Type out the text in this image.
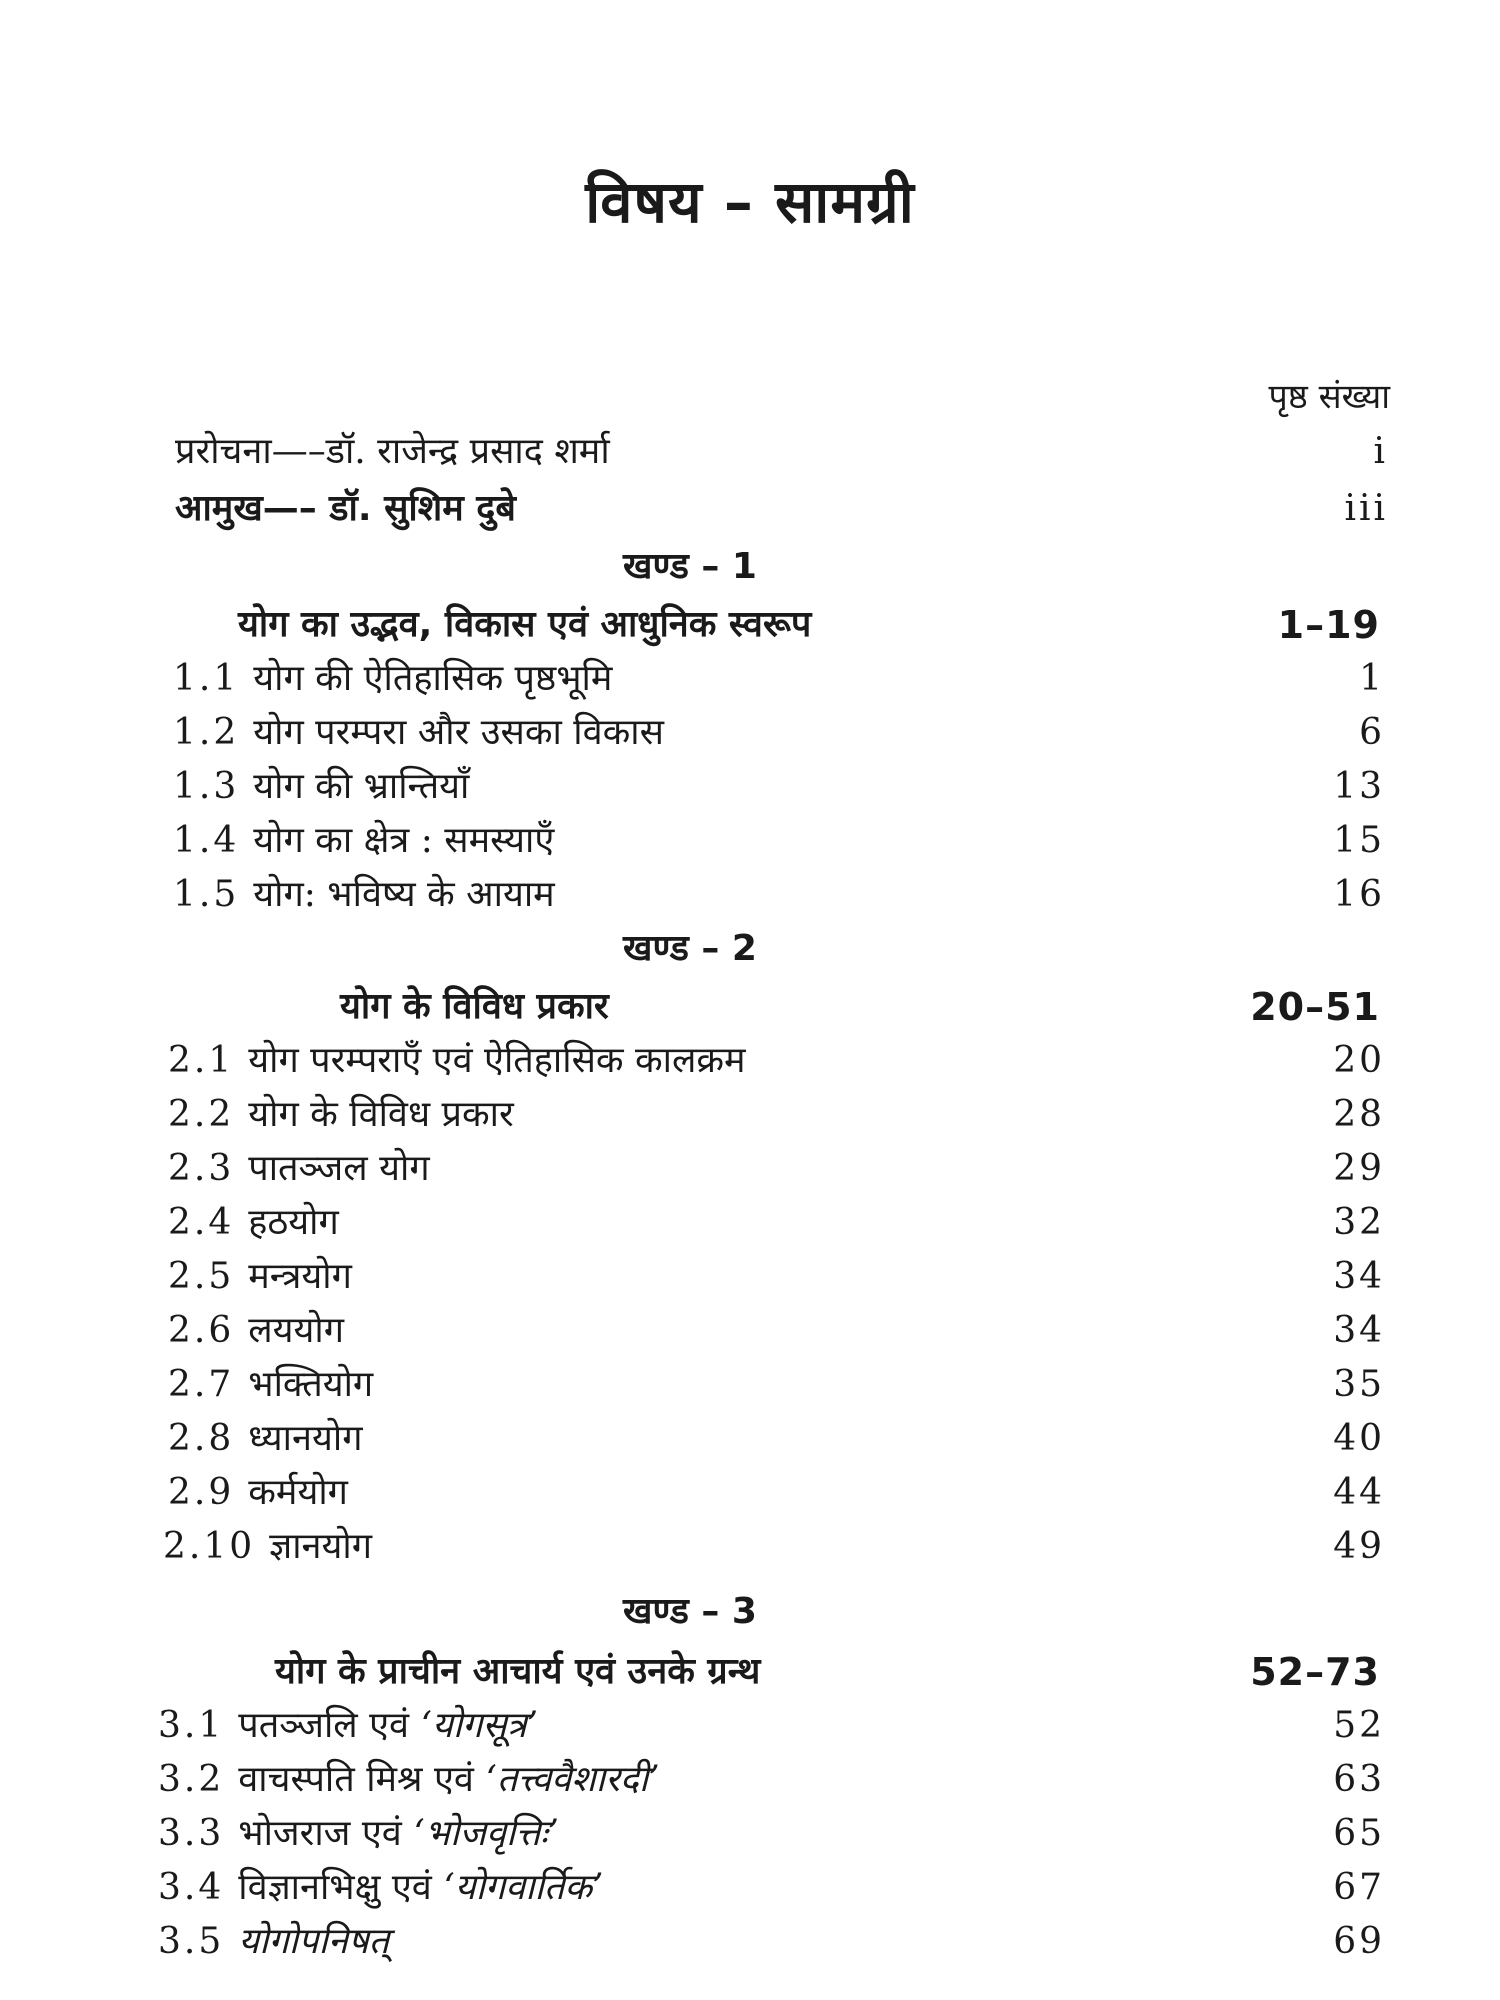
विषय – सामग्री
पृष्ठ संख्या
प्ररोचना—–डॉ. राजेन्द्र प्रसाद शर्मा	i
आमुख—– डॉ. सुशिम दुबे	iii
खण्ड – 1
योग का उद्भव, विकास एवं आधुनिक स्वरूप	1–19
1.1 योग की ऐतिहासिक पृष्ठभूमि	1
1.2 योग परम्परा और उसका विकास	6
1.3 योग की भ्रान्तियाँ	13
1.4 योग का क्षेत्र : समस्याएँ	15
1.5 योग: भविष्य के आयाम	16
खण्ड – 2
योग के विविध प्रकार	20–51
2.1 योग परम्पराएँ एवं ऐतिहासिक कालक्रम	20
2.2 योग के विविध प्रकार	28
2.3 पातञ्जल योग	29
2.4 हठयोग	32
2.5 मन्त्रयोग	34
2.6 लययोग	34
2.7 भक्तियोग	35
2.8 ध्यानयोग	40
2.9 कर्मयोग	44
2.10 ज्ञानयोग	49
खण्ड – 3
योग के प्राचीन आचार्य एवं उनके ग्रन्थ	52–73
3.1 पतञ्जलि एवं ‘योगसूत्र’	52
3.2 वाचस्पति मिश्र एवं ‘तत्त्ववैशारदी’	63
3.3 भोजराज एवं ‘भोजवृत्तिः’	65
3.4 विज्ञानभिक्षु एवं ‘योगवार्तिक’	67
3.5 योगोपनिषत्	69
